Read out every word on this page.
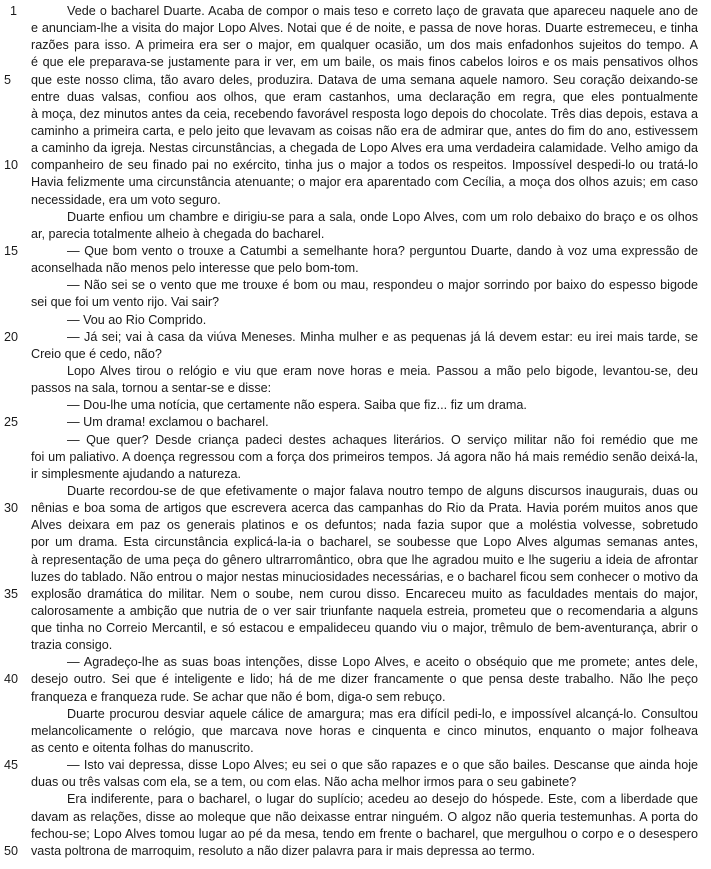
1	Vede o bacharel Duarte. Acaba de compor o mais teso e correto laço de gravata que apareceu naquele ano de
e anunciam-lhe a visita do major Lopo Alves. Notai que é de noite, e passa de nove horas. Duarte estremeceu, e tinha
razões para isso. A primeira era ser o major, em qualquer ocasião, um dos mais enfadonhos sujeitos do tempo. A
é que ele preparava-se justamente para ir ver, em um baile, os mais finos cabelos loiros e os mais pensativos olhos
5	que este nosso clima, tão avaro deles, produzira. Datava de uma semana aquele namoro. Seu coração deixando-se
entre duas valsas, confiou aos olhos, que eram castanhos, uma declaração em regra, que eles pontualmente
à moça, dez minutos antes da ceia, recebendo favorável resposta logo depois do chocolate. Três dias depois, estava a
caminho a primeira carta, e pelo jeito que levavam as coisas não era de admirar que, antes do fim do ano, estivessem
a caminho da igreja. Nestas circunstâncias, a chegada de Lopo Alves era uma verdadeira calamidade. Velho amigo da
10	companheiro de seu finado pai no exército, tinha jus o major a todos os respeitos. Impossível despedi-lo ou tratá-lo
Havia felizmente uma circunstância atenuante; o major era aparentado com Cecília, a moça dos olhos azuis; em caso
necessidade, era um voto seguro.
Duarte enfiou um chambre e dirigiu-se para a sala, onde Lopo Alves, com um rolo debaixo do braço e os olhos
ar, parecia totalmente alheio à chegada do bacharel.
15	— Que bom vento o trouxe a Catumbi a semelhante hora? perguntou Duarte, dando à voz uma expressão de
aconselhada não menos pelo interesse que pelo bom-tom.
— Não sei se o vento que me trouxe é bom ou mau, respondeu o major sorrindo por baixo do espesso bigode
sei que foi um vento rijo. Vai sair?
— Vou ao Rio Comprido.
20	— Já sei; vai à casa da viúva Meneses. Minha mulher e as pequenas já lá devem estar: eu irei mais tarde, se
Creio que é cedo, não?
Lopo Alves tirou o relógio e viu que eram nove horas e meia. Passou a mão pelo bigode, levantou-se, deu
passos na sala, tornou a sentar-se e disse:
— Dou-lhe uma notícia, que certamente não espera. Saiba que fiz... fiz um drama.
25	— Um drama! exclamou o bacharel.
— Que quer? Desde criança padeci destes achaques literários. O serviço militar não foi remédio que me
foi um paliativo. A doença regressou com a força dos primeiros tempos. Já agora não há mais remédio senão deixá-la,
ir simplesmente ajudando a natureza.
Duarte recordou-se de que efetivamente o major falava noutro tempo de alguns discursos inaugurais, duas ou
30	nênias e boa soma de artigos que escrevera acerca das campanhas do Rio da Prata. Havia porém muitos anos que
Alves deixara em paz os generais platinos e os defuntos; nada fazia supor que a moléstia volvesse, sobretudo
por um drama. Esta circunstância explicá-la-ia o bacharel, se soubesse que Lopo Alves algumas semanas antes,
à representação de uma peça do gênero ultrarromântico, obra que lhe agradou muito e lhe sugeriu a ideia de afrontar
luzes do tablado. Não entrou o major nestas minuciosidades necessárias, e o bacharel ficou sem conhecer o motivo da
35	explosão dramática do militar. Nem o soube, nem curou disso. Encareceu muito as faculdades mentais do major,
calorosamente a ambição que nutria de o ver sair triunfante naquela estreia, prometeu que o recomendaria a alguns
que tinha no Correio Mercantil, e só estacou e empalideceu quando viu o major, trêmulo de bem-aventurança, abrir o
trazia consigo.
— Agradeço-lhe as suas boas intenções, disse Lopo Alves, e aceito o obséquio que me promete; antes dele,
40	desejo outro. Sei que é inteligente e lido; há de me dizer francamente o que pensa deste trabalho. Não lhe peço
franqueza e franqueza rude. Se achar que não é bom, diga-o sem rebuço.
Duarte procurou desviar aquele cálice de amargura; mas era difícil pedi-lo, e impossível alcançá-lo. Consultou
melancolicamente o relógio, que marcava nove horas e cinquenta e cinco minutos, enquanto o major folheava
as cento e oitenta folhas do manuscrito.
45	— Isto vai depressa, disse Lopo Alves; eu sei o que são rapazes e o que são bailes. Descanse que ainda hoje
duas ou três valsas com ela, se a tem, ou com elas. Não acha melhor irmos para o seu gabinete?
Era indiferente, para o bacharel, o lugar do suplício; acedeu ao desejo do hóspede. Este, com a liberdade que
davam as relações, disse ao moleque que não deixasse entrar ninguém. O algoz não queria testemunhas. A porta do
fechou-se; Lopo Alves tomou lugar ao pé da mesa, tendo em frente o bacharel, que mergulhou o corpo e o desespero
50	vasta poltrona de marroquim, resoluto a não dizer palavra para ir mais depressa ao termo.
